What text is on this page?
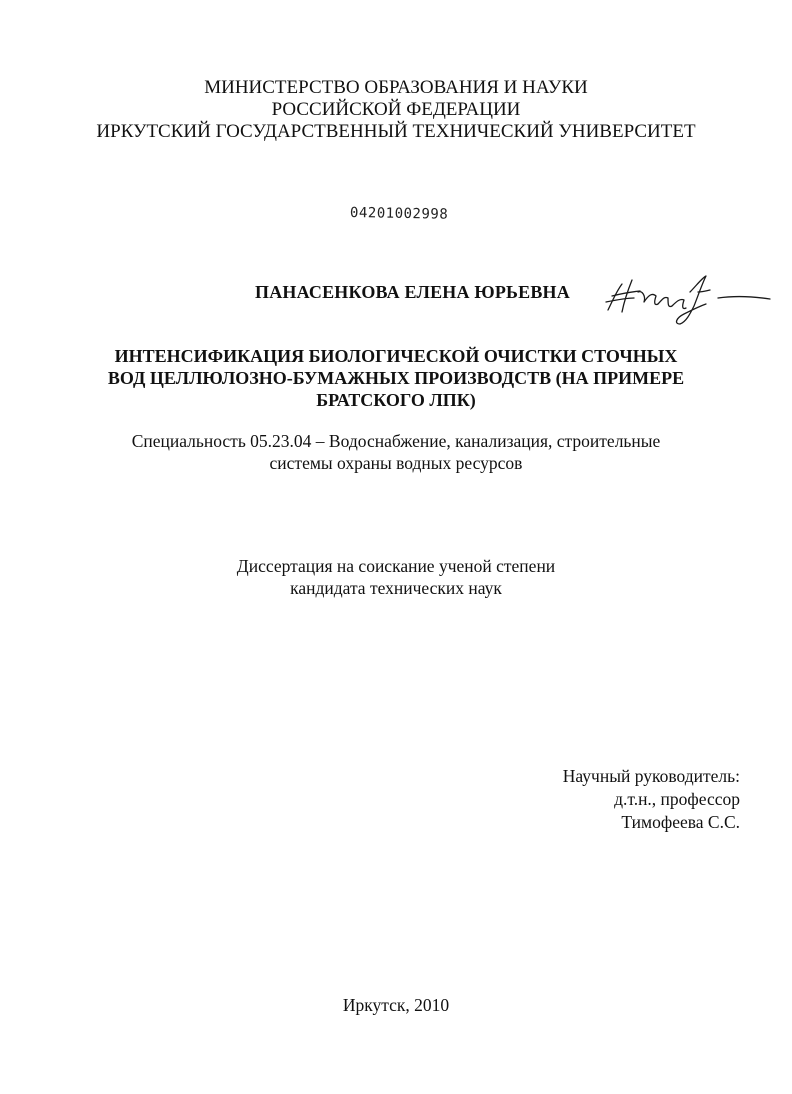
МИНИСТЕРСТВО ОБРАЗОВАНИЯ И НАУКИ
РОССИЙСКОЙ ФЕДЕРАЦИИ
ИРКУТСКИЙ ГОСУДАРСТВЕННЫЙ ТЕХНИЧЕСКИЙ УНИВЕРСИТЕТ
04201002998
ПАНАСЕНКОВА ЕЛЕНА ЮРЬЕВНА
ИНТЕНСИФИКАЦИЯ БИОЛОГИЧЕСКОЙ ОЧИСТКИ СТОЧНЫХ
ВОД ЦЕЛЛЮЛОЗНО-БУМАЖНЫХ ПРОИЗВОДСТВ (НА ПРИМЕРЕ
БРАТСКОГО ЛПК)
Специальность 05.23.04 – Водоснабжение, канализация, строительные
системы охраны водных ресурсов
Диссертация на соискание ученой степени
кандидата технических наук
Научный руководитель:
д.т.н., профессор
Тимофеева С.С.
Иркутск, 2010
